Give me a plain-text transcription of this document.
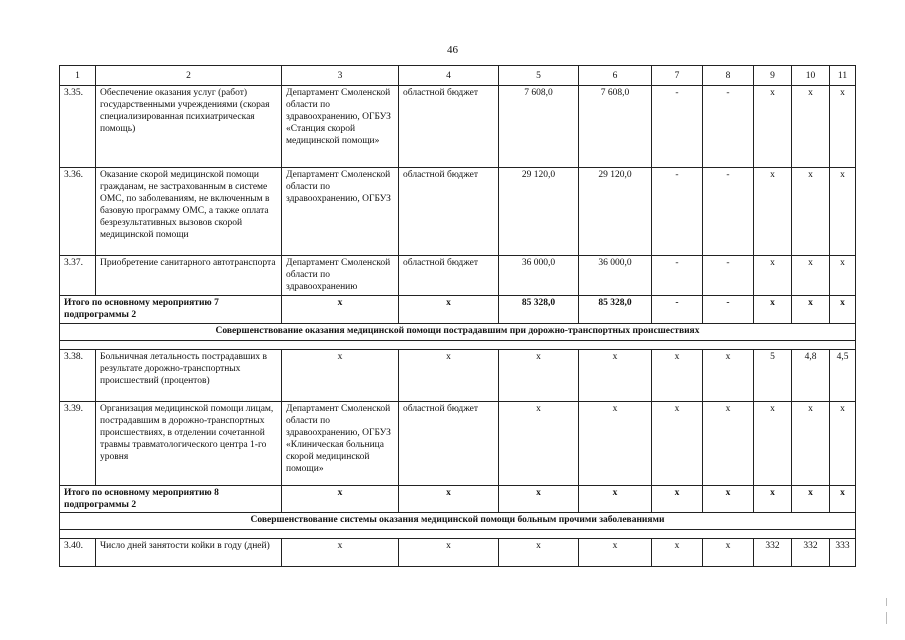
46
1	2	3	4	5	6	7	8	9	10	11
3.35.	Обеспечение оказания услуг (работ) государственными учреждениями (скорая специализированная психиатрическая помощь)	Департамент Смоленской области по здравоохранению, ОГБУЗ «Станция скорой медицинской помощи»	областной бюджет	7 608,0	7 608,0	-	-	х	х	х
3.36.	Оказание скорой медицинской помощи гражданам, не застрахованным в системе ОМС, по заболеваниям, не включенным в базовую программу ОМС, а также оплата безрезультативных вызовов скорой медицинской помощи	Департамент Смоленской области по здравоохранению, ОГБУЗ	областной бюджет	29 120,0	29 120,0	-	-	х	х	х
3.37.	Приобретение санитарного автотранспорта	Департамент Смоленской области по здравоохранению	областной бюджет	36 000,0	36 000,0	-	-	х	х	х
Итого по основному мероприятию 7 подпрограммы 2		х	х	85 328,0	85 328,0	-	-	х	х	х
Совершенствование оказания медицинской помощи пострадавшим при дорожно-транспортных происшествиях										

3.38.	Больничная летальность пострадавших в результате дорожно-транспортных происшествий (процентов)	х	х	х	х	х	х	5	4,8	4,5
3.39.	Организация медицинской помощи лицам, пострадавшим в дорожно-транспортных происшествиях, в отделении сочетанной травмы травматологического центра 1-го уровня	Департамент Смоленской области по здравоохранению, ОГБУЗ «Клиническая больница скорой медицинской помощи»	областной бюджет	х	х	х	х	х	х	х
Итого по основному мероприятию 8 подпрограммы 2		х	х	х	х	х	х	х	х	х
Совершенствование системы оказания медицинской помощи больным прочими заболеваниями										

3.40.	Число дней занятости койки в году (дней)	х	х	х	х	х	х	332	332	333
